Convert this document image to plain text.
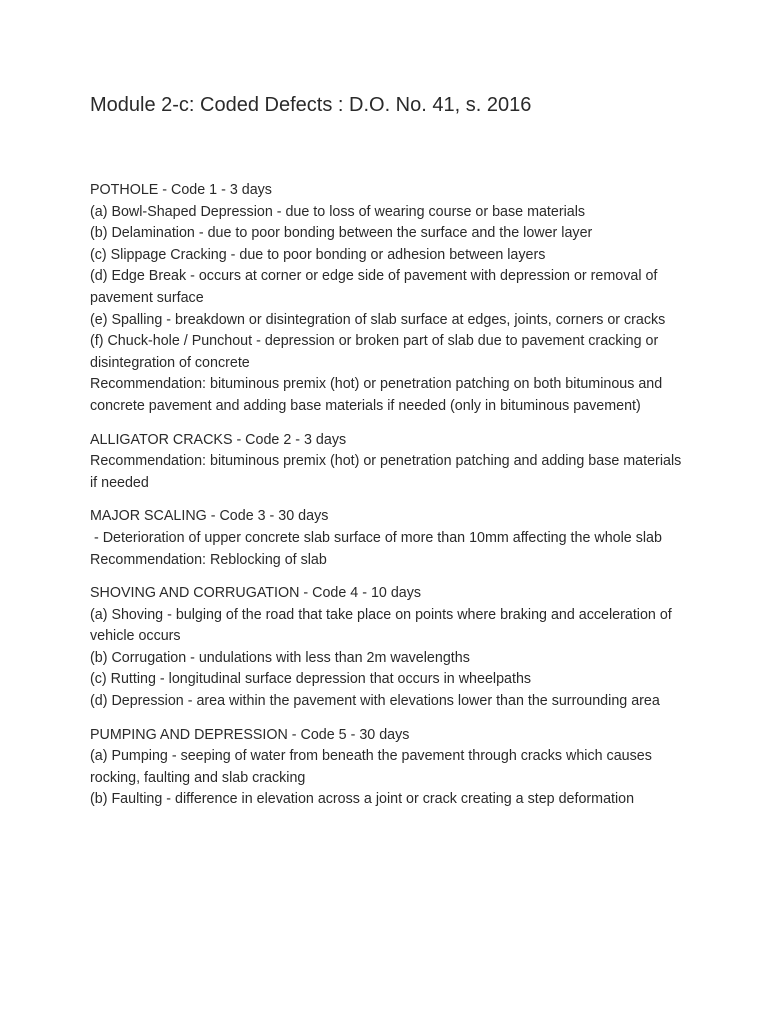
Module 2-c: Coded Defects : D.O. No. 41, s. 2016

POTHOLE - Code 1 - 3 days

(a) Bowl-Shaped Depression - due to loss of wearing course or base materials

(b) Delamination - due to poor bonding between the surface and the lower layer

(c) Slippage Cracking - due to poor bonding or adhesion between layers

(d) Edge Break - occurs at corner or edge side of pavement with depression or removal of pavement surface

(e) Spalling - breakdown or disintegration of slab surface at edges, joints, corners or cracks

(f) Chuck-hole / Punchout - depression or broken part of slab due to pavement cracking or disintegration of concrete

Recommendation: bituminous premix (hot) or penetration patching on both bituminous and concrete pavement and adding base materials if needed (only in bituminous pavement)

ALLIGATOR CRACKS - Code 2 - 3 days

Recommendation: bituminous premix (hot) or penetration patching and adding base materials if needed

MAJOR SCALING - Code 3 - 30 days

- Deterioration of upper concrete slab surface of more than 10mm affecting the whole slab

Recommendation: Reblocking of slab

SHOVING AND CORRUGATION - Code 4 - 10 days

(a) Shoving - bulging of the road that take place on points where braking and acceleration of vehicle occurs

(b) Corrugation - undulations with less than 2m wavelengths

(c) Rutting - longitudinal surface depression that occurs in wheelpaths

(d) Depression - area within the pavement with elevations lower than the surrounding area

PUMPING AND DEPRESSION - Code 5 - 30 days

(a) Pumping - seeping of water from beneath the pavement through cracks which causes rocking, faulting and slab cracking

(b) Faulting - difference in elevation across a joint or crack creating a step deformation
